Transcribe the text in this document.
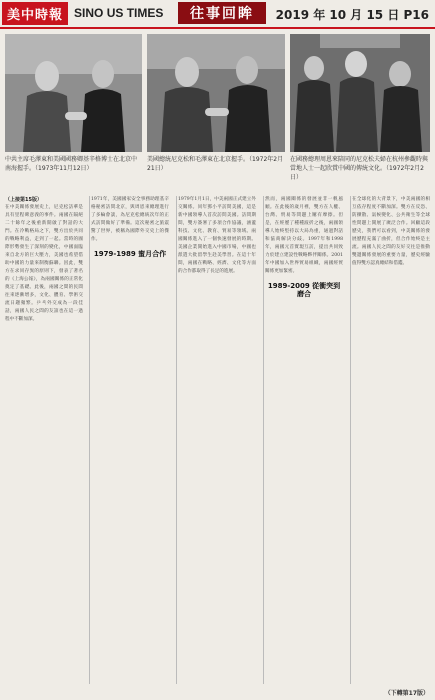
美中時報 SINO US TIMES	往事回眸	2019 年 10 月 15 日 P16
中共主席毛澤東和美國國務卿基辛格博士在北京中南海握手。（1973年11月12日）
美國總統尼克松和毛澤東在北京握手。（1972年2月21日）
在國務總理周恩來陪同的尼克松夫婦在杭州參觀時與當地人士一起欣賞中國的傳統文化。（1972年2月2日）
（上接第15版）
在中美關係發展史上，尼克松訪華是具有里程碑意義的事件。兩國在隔絕二十餘年之後重新開啟了對話的大門。在冷戰格局之下，雙方出於共同的戰略利益，走到了一起。當時的國際形勢發生了深刻的變化，中國面臨來自北方的巨大壓力，美國也希望借助中國的力量來制衡蘇聯。因此，雙方在求同存異的原則下，發表了著名的《上海公報》，為兩國關係的正常化奠定了基礎。此後，兩國之間的民間往來逐漸增多，文化、體育、學術交流日趨頻繁。乒乓外交成為一段佳話，兩國人民之間的友誼也在這一過程中不斷加深。
1971年，美國國家安全事務助理基辛格秘密訪問北京，與周恩來總理進行了多輪會談，為尼克松總統次年的正式訪問做好了準備。這次秘密之旅震驚了世界，被稱為國際外交史上的傑作。
1979-1989 蜜月合作
1979年1月1日，中美兩國正式建立外交關係。同年鄧小平訪問美國，這是新中國領導人首次訪問美國。訪問期間，雙方簽署了多項合作協議，涵蓋科技、文化、教育、貿易等領域。兩國關係進入了一個快速發展的時期。美國企業開始進入中國市場，中國也派遣大批留學生赴美學習。在這十年間，兩國在戰略、經濟、文化等方面的合作都取得了長足的進展。
然而，兩國關係的發展並非一帆風順。在此後的歲月裡，雙方在人權、台灣、貿易等問題上屢有摩擦。但是，在經歷了種種波折之後，兩國領導人始終堅持以大局為重，通過對話和協商解決分歧。1997年和1998年，兩國元首實現互訪，提出共同致力於建立建設性戰略夥伴關係。2001年中國加入世界貿易組織，兩國經貿關係更加緊密。
1989-2009 從衝突到磨合
在全球化的大背景下，中美兩國的相互依存程度不斷加深。雙方在反恐、防擴散、氣候變化、公共衛生等全球性問題上開展了廣泛合作。回顧這段歷史，我們可以看到，中美關係的發展歷程充滿了曲折，但合作始終是主流。兩國人民之間的友好交往是推動雙邊關係發展的重要力量，歷史經驗值得雙方認真總結和借鑑。
（下轉第17版）
